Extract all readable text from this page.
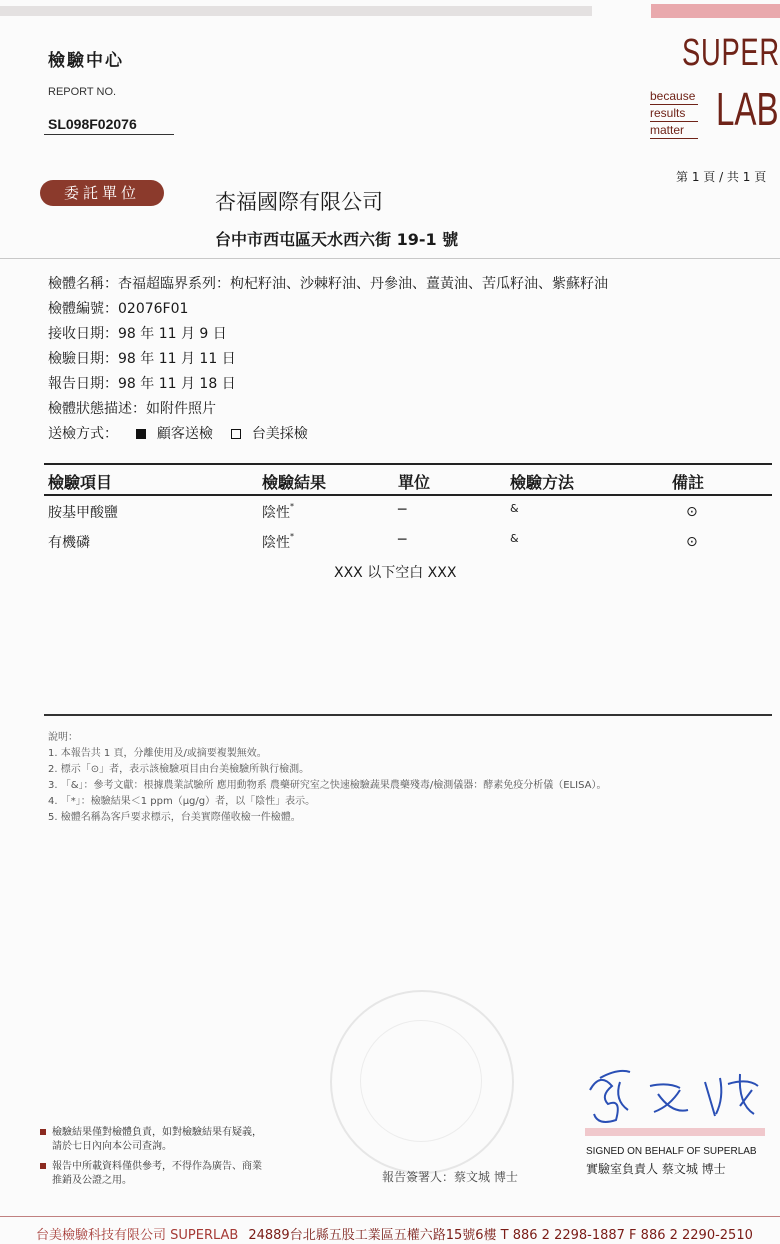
檢驗中心
REPORT NO.
SL098F02076
SUPER
LAB
because
results
matter
第 1 頁 / 共 1 頁
委託單位	杏福國際有限公司
台中市西屯區天水西六街 19-1 號
檢體名稱：杏福超臨界系列：枸杞籽油、沙棘籽油、丹參油、薑黃油、苦瓜籽油、紫蘇籽油
檢體編號：02076F01
接收日期：98 年 11 月 9 日
檢驗日期：98 年 11 月 11 日
報告日期：98 年 11 月 18 日
檢體狀態描述：如附件照片
送檢方式：	顧客送檢	台美採檢
檢驗項目	檢驗結果	單位	檢驗方法	備註
胺基甲酸鹽	陰性*	─	&	⊙
有機磷	陰性*	─	&	⊙
XXX 以下空白 XXX
說明：
1. 本報告共 1 頁，分離使用及/或摘要複製無效。
2. 標示「⊙」者，表示該檢驗項目由台美檢驗所執行檢測。
3. 「&」：參考文獻：根據農業試驗所 應用動物系 農藥研究室之快速檢驗蔬果農藥殘毒/檢測儀器：酵素免疫分析儀（ELISA）。
4. 「*」：檢驗結果＜1 ppm（μg/g）者，以「陰性」表示。
5. 檢體名稱為客戶要求標示，台美實際僅收檢一件檢體。
檢驗結果僅對檢體負責，如對檢驗結果有疑義，
請於七日內向本公司查詢。
報告中所載資料僅供參考，不得作為廣告、商業
推銷及公證之用。
SIGNED ON BEHALF OF SUPERLAB
實驗室負責人 蔡文城 博士
報告簽署人：蔡文城 博士
台美檢驗科技有限公司 SUPERLAB 24889台北縣五股工業區五權六路15號6樓 T 886 2 2298-1887 F 886 2 2290-2510
